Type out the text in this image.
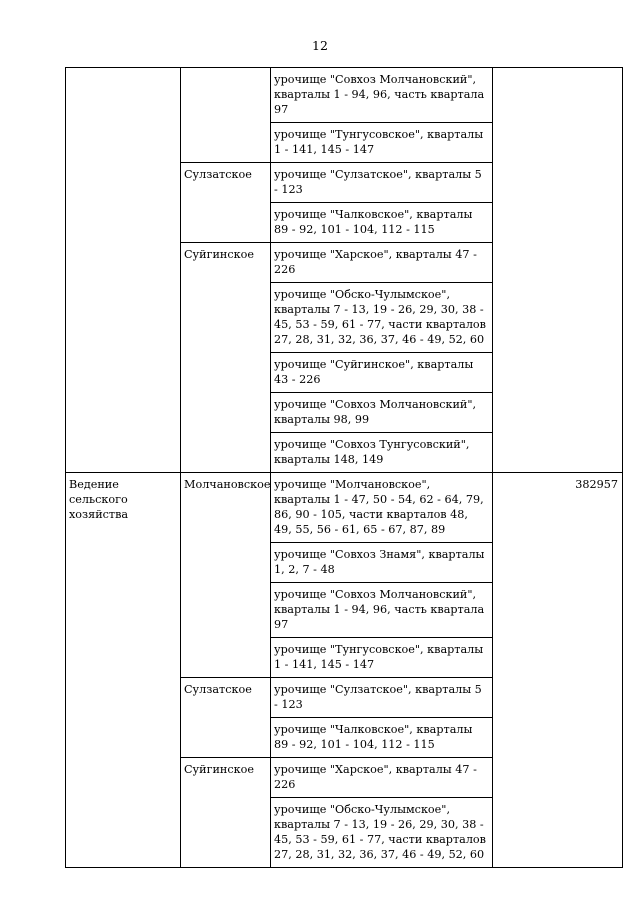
12
		урочище "Совхоз Молчановский", кварталы 1 - 94, 96, часть квартала 97	
		урочище "Тунгусовское", кварталы 1 - 141, 145 - 147	
	Сулзатское	урочище "Сулзатское", кварталы 5 - 123	
		урочище "Чалковское", кварталы 89 - 92, 101 - 104, 112 - 115	
	Суйгинское	урочище "Харское", кварталы 47 - 226	
		урочище "Обско-Чулымское", кварталы 7 - 13, 19 - 26, 29, 30, 38 - 45, 53 - 59, 61 - 77, части кварталов 27, 28, 31, 32, 36, 37, 46 - 49, 52, 60	
		урочище "Суйгинское", кварталы 43 - 226	
		урочище "Совхоз Молчановский", кварталы 98, 99	
		урочище "Совхоз Тунгусовский", кварталы 148, 149	
Ведение сельского хозяйства	Молчановское	урочище "Молчановское", кварталы 1 - 47, 50 - 54, 62 - 64, 79, 86, 90 - 105, части кварталов 48, 49, 55, 56 - 61, 65 - 67, 87, 89	382957
		урочище "Совхоз Знамя", кварталы 1, 2, 7 - 48	
		урочище "Совхоз Молчановский", кварталы 1 - 94, 96, часть квартала 97	
		урочище "Тунгусовское", кварталы 1 - 141, 145 - 147	
	Сулзатское	урочище "Сулзатское", кварталы 5 - 123	
		урочище "Чалковское", кварталы 89 - 92, 101 - 104, 112 - 115	
	Суйгинское	урочище "Харское", кварталы 47 - 226	
		урочище "Обско-Чулымское", кварталы 7 - 13, 19 - 26, 29, 30, 38 - 45, 53 - 59, 61 - 77, части кварталов 27, 28, 31, 32, 36, 37, 46 - 49, 52, 60	
